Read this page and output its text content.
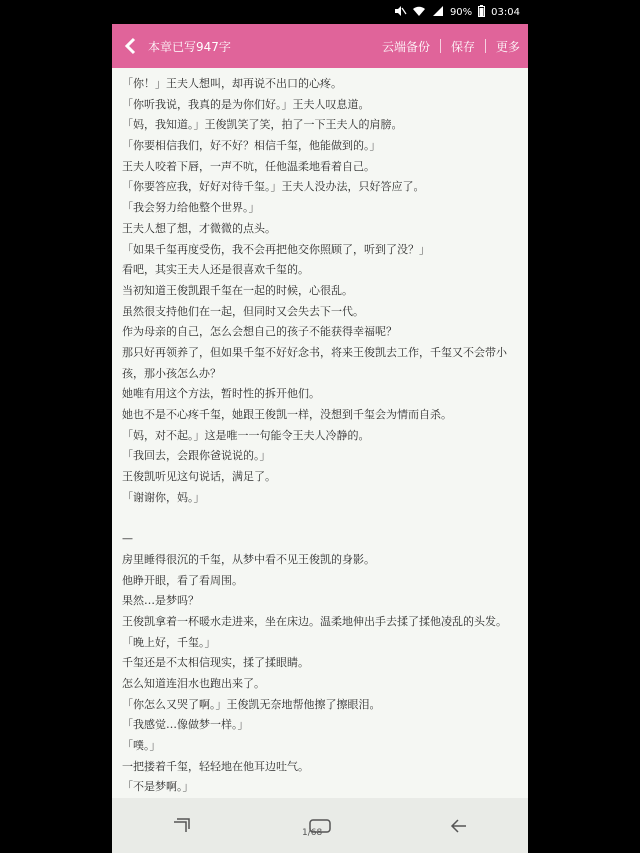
90% 03:04
本章已写947字	云端备份 保存 更多
「你！」王夫人想叫，却再说不出口的心疼。
「你听我说，我真的是为你们好。」王夫人叹息道。
「妈，我知道。」王俊凯笑了笑，拍了一下王夫人的肩膀。
「你要相信我们，好不好？相信千玺，他能做到的。」
王夫人咬着下唇，一声不吭，任他温柔地看着自己。
「你要答应我，好好对待千玺。」王夫人没办法，只好答应了。
「我会努力给他整个世界。」
王夫人想了想，才微微的点头。
「如果千玺再度受伤，我不会再把他交你照顾了，听到了没？」
看吧，其实王夫人还是很喜欢千玺的。
当初知道王俊凯跟千玺在一起的时候，心很乱。
虽然很支持他们在一起，但同时又会失去下一代。
作为母亲的自己，怎么会想自己的孩子不能获得幸福呢？
那只好再领养了，但如果千玺不好好念书，将来王俊凯去工作，千玺又不会带小
孩，那小孩怎么办？
她唯有用这个方法，暂时性的拆开他们。
她也不是不心疼千玺，她跟王俊凯一样，没想到千玺会为情而自杀。
「妈，对不起。」这是唯一一句能令王夫人冷静的。
「我回去，会跟你爸说说的。」
王俊凯听见这句说话，满足了。
「谢谢你，妈。」
—
房里睡得很沉的千玺，从梦中看不见王俊凯的身影。
他睁开眼，看了看周围。
果然…是梦吗？
王俊凯拿着一杯暖水走进来，坐在床边。温柔地伸出手去揉了揉他凌乱的头发。
「晚上好，千玺。」
千玺还是不太相信现实，揉了揉眼睛。
怎么知道连泪水也跑出来了。
「你怎么又哭了啊。」王俊凯无奈地帮他擦了擦眼泪。
「我感觉…像做梦一样。」
「噗。」
一把搂着千玺，轻轻地在他耳边吐气。
「不是梦啊。」
1/68
